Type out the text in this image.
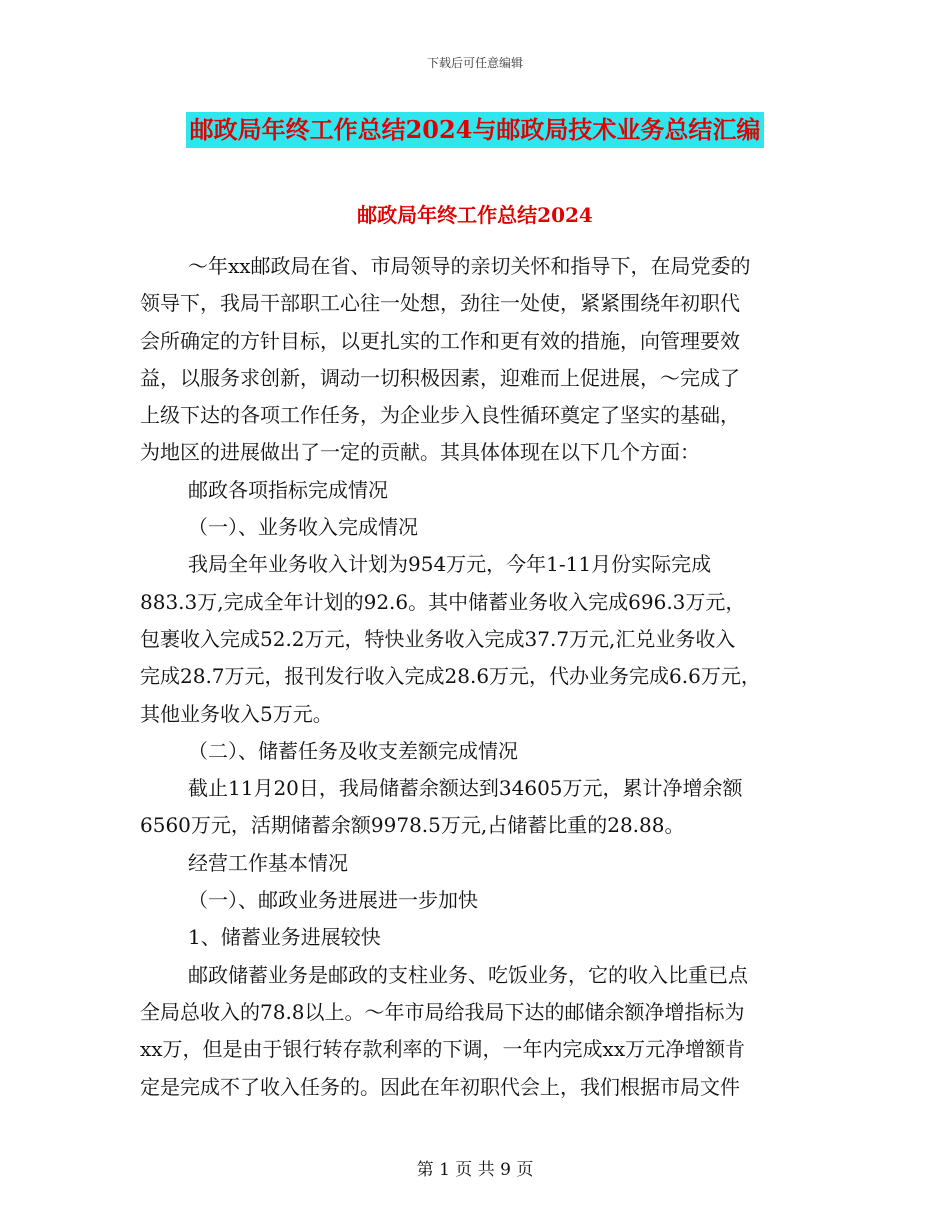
下载后可任意编辑
邮政局年终工作总结2024与邮政局技术业务总结汇编
邮政局年终工作总结2024
～年xx邮政局在省、市局领导的亲切关怀和指导下，在局党委的
领导下，我局干部职工心往一处想，劲往一处使，紧紧围绕年初职代
会所确定的方针目标，以更扎实的工作和更有效的措施，向管理要效
益，以服务求创新，调动一切积极因素，迎难而上促进展，～完成了
上级下达的各项工作任务，为企业步入良性循环奠定了坚实的基础，
为地区的进展做出了一定的贡献。其具体体现在以下几个方面：
邮政各项指标完成情况
（一）、业务收入完成情况
我局全年业务收入计划为954万元，今年1-11月份实际完成
883.3万,完成全年计划的92.6。其中储蓄业务收入完成696.3万元，
包裹收入完成52.2万元，特快业务收入完成37.7万元,汇兑业务收入
完成28.7万元，报刊发行收入完成28.6万元，代办业务完成6.6万元，
其他业务收入5万元。
（二）、储蓄任务及收支差额完成情况
截止11月20日，我局储蓄余额达到34605万元，累计净增余额
6560万元，活期储蓄余额9978.5万元,占储蓄比重的28.88。
经营工作基本情况
（一）、邮政业务进展进一步加快
1、储蓄业务进展较快
邮政储蓄业务是邮政的支柱业务、吃饭业务，它的收入比重已点
全局总收入的78.8以上。～年市局给我局下达的邮储余额净增指标为
xx万，但是由于银行转存款利率的下调，一年内完成xx万元净增额肯
定是完成不了收入任务的。因此在年初职代会上，我们根据市局文件
第 1 页 共 9 页
